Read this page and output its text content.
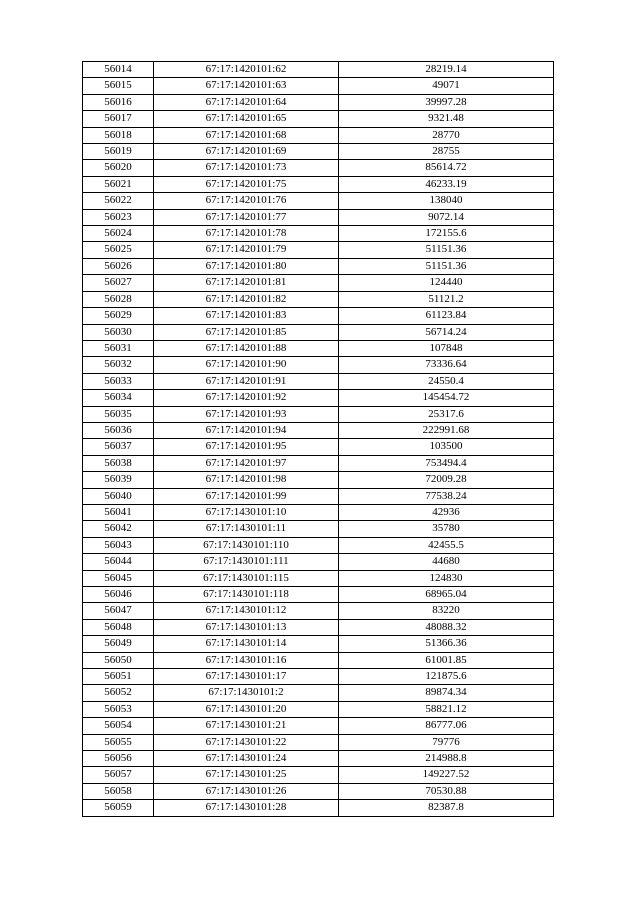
56014	67:17:1420101:62	28219.14
56015	67:17:1420101:63	49071
56016	67:17:1420101:64	39997.28
56017	67:17:1420101:65	9321.48
56018	67:17:1420101:68	28770
56019	67:17:1420101:69	28755
56020	67:17:1420101:73	85614.72
56021	67:17:1420101:75	46233.19
56022	67:17:1420101:76	138040
56023	67:17:1420101:77	9072.14
56024	67:17:1420101:78	172155.6
56025	67:17:1420101:79	51151.36
56026	67:17:1420101:80	51151.36
56027	67:17:1420101:81	124440
56028	67:17:1420101:82	51121.2
56029	67:17:1420101:83	61123.84
56030	67:17:1420101:85	56714.24
56031	67:17:1420101:88	107848
56032	67:17:1420101:90	73336.64
56033	67:17:1420101:91	24550.4
56034	67:17:1420101:92	145454.72
56035	67:17:1420101:93	25317.6
56036	67:17:1420101:94	222991.68
56037	67:17:1420101:95	103500
56038	67:17:1420101:97	753494.4
56039	67:17:1420101:98	72009.28
56040	67:17:1420101:99	77538.24
56041	67:17:1430101:10	42936
56042	67:17:1430101:11	35780
56043	67:17:1430101:110	42455.5
56044	67:17:1430101:111	44680
56045	67:17:1430101:115	124830
56046	67:17:1430101:118	68965.04
56047	67:17:1430101:12	83220
56048	67:17:1430101:13	48088.32
56049	67:17:1430101:14	51366.36
56050	67:17:1430101:16	61001.85
56051	67:17:1430101:17	121875.6
56052	67:17:1430101:2	89874.34
56053	67:17:1430101:20	58821.12
56054	67:17:1430101:21	86777.06
56055	67:17:1430101:22	79776
56056	67:17:1430101:24	214988.8
56057	67:17:1430101:25	149227.52
56058	67:17:1430101:26	70530.88
56059	67:17:1430101:28	82387.8
